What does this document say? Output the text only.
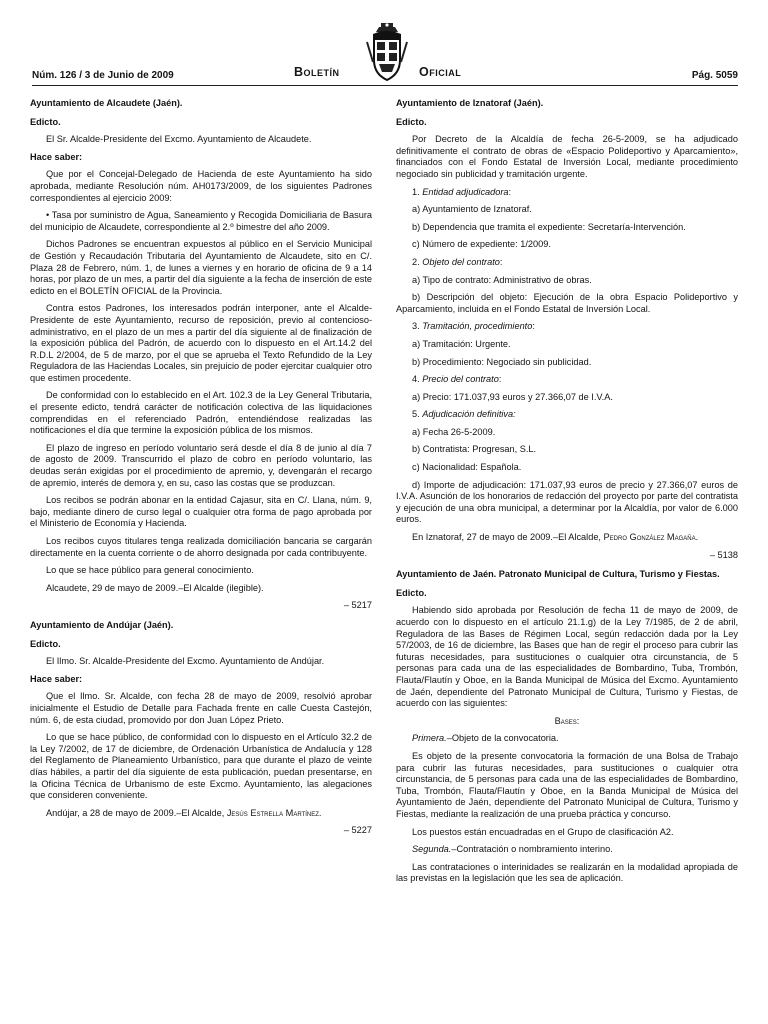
Núm. 126 / 3 de Junio de 2009	Boletín	Oficial	Pág. 5059
Ayuntamiento de Alcaudete (Jaén).
Edicto.

El Sr. Alcalde-Presidente del Excmo. Ayuntamiento de Alcaudete.

Hace saber:

Que por el Concejal-Delegado de Hacienda de este Ayuntamiento ha sido aprobada, mediante Resolución núm. AH0173/2009, de los siguientes Padrones correspondientes al ejercicio 2009:

• Tasa por suministro de Agua, Saneamiento y Recogida Domiciliaria de Basura del municipio de Alcaudete, correspondiente al 2.º bimestre del año 2009.

Dichos Padrones se encuentran expuestos al público en el Servicio Municipal de Gestión y Recaudación Tributaria del Ayuntamiento de Alcaudete, sito en C/. Plaza 28 de Febrero, núm. 1, de lunes a viernes y en horario de oficina de 9 a 14 horas, por plazo de un mes, a partir del día siguiente a la fecha de inserción de este edicto en el BOLETÍN OFICIAL de la Provincia.

Contra estos Padrones, los interesados podrán interponer, ante el Alcalde-Presidente de este Ayuntamiento, recurso de reposición, previo al contencioso-administrativo, en el plazo de un mes a partir del día siguiente al de finalización de la exposición pública del Padrón, de acuerdo con lo dispuesto en el Art.14.2 del R.D.L 2/2004, de 5 de marzo, por el que se aprueba el Texto Refundido de la Ley Reguladora de las Haciendas Locales, sin prejuicio de poder ejercitar cualquier otro que estimen procedente.

De conformidad con lo establecido en el Art. 102.3 de la Ley General Tributaria, el presente edicto, tendrá carácter de notificación colectiva de las liquidaciones comprendidas en el referenciado Padrón, entendiéndose realizadas las notificaciones el día que termine la exposición pública de los mismos.

El plazo de ingreso en período voluntario será desde el día 8 de junio al día 7 de agosto de 2009. Transcurrido el plazo de cobro en período voluntario, las deudas serán exigidas por el procedimiento de apremio, y, devengarán el recargo de apremio, interés de demora y, en su, caso las costas que se produzcan.

Los recibos se podrán abonar en la entidad Cajasur, sita en C/. Llana, núm. 9, bajo, mediante dinero de curso legal o cualquier otra forma de pago aprobada por el Ministerio de Economía y Hacienda.

Los recibos cuyos titulares tenga realizada domiciliación bancaria se cargarán directamente en la cuenta corriente o de ahorro designada por cada contribuyente.

Lo que se hace público para general conocimiento.

Alcaudete, 29 de mayo de 2009.–El Alcalde (ilegible).

– 5217

Ayuntamiento de Andújar (Jaén).
Edicto.

El Ilmo. Sr. Alcalde-Presidente del Excmo. Ayuntamiento de Andújar.

Hace saber:

Que el Ilmo. Sr. Alcalde, con fecha 28 de mayo de 2009, resolvió aprobar inicialmente el Estudio de Detalle para Fachada frente en calle Cuesta Castejón, núm. 6, de esta ciudad, promovido por don Juan López Prieto.

Lo que se hace público, de conformidad con lo dispuesto en el Artículo 32.2 de la Ley 7/2002, de 17 de diciembre, de Ordenación Urbanística de Andalucía y 128 del Reglamento de Planeamiento Urbanístico, para que durante el plazo de veinte días hábiles, a partir del día siguiente de esta publicación, puedan presentarse, en la Oficina Técnica de Urbanismo de este Excmo. Ayuntamiento, las alegaciones que consideren conveniente.

Andújar, a 28 de mayo de 2009.–El Alcalde, Jesús Estrella Martínez.

– 5227

Ayuntamiento de Iznatoraf (Jaén).
Edicto.

Por Decreto de la Alcaldía de fecha 26-5-2009, se ha adjudicado definitivamente el contrato de obras de «Espacio Polideportivo y Aparcamiento», financiados con el Fondo Estatal de Inversión Local, mediante procedimiento negociado sin publicidad y tramitación urgente.

1. Entidad adjudicadora:

a) Ayuntamiento de Iznatoraf.

b) Dependencia que tramita el expediente: Secretaría-Intervención.

c) Número de expediente: 1/2009.

2. Objeto del contrato:

a) Tipo de contrato: Administrativo de obras.

b) Descripción del objeto: Ejecución de la obra Espacio Polideportivo y Aparcamiento, incluida en el Fondo Estatal de Inversión Local.

3. Tramitación, procedimiento:

a) Tramitación: Urgente.

b) Procedimiento: Negociado sin publicidad.

4. Precio del contrato:

a) Precio: 171.037,93 euros y 27.366,07 de I.V.A.

5. Adjudicación definitiva:

a) Fecha 26-5-2009.

b) Contratista: Progresan, S.L.

c) Nacionalidad: Española.

d) Importe de adjudicación: 171.037,93 euros de precio y 27.366,07 euros de I.V.A. Asunción de los honorarios de redacción del proyecto por parte del contratista y ejecución de una obra municipal, a determinar por la Alcaldía, por valor de 6.000 euros.

En Iznatoraf, 27 de mayo de 2009.–El Alcalde, Pedro González Magaña.

– 5138

Ayuntamiento de Jaén. Patronato Municipal de Cultura, Turismo y Fiestas.
Edicto.

Habiendo sido aprobada por Resolución de fecha 11 de mayo de 2009, de acuerdo con lo dispuesto en el artículo 21.1.g) de la Ley 7/1985, de 2 de abril, Reguladora de las Bases de Régimen Local, según redacción dada por la Ley 57/2003, de 16 de diciembre, las Bases que han de regir el proceso para cubrir las futuras necesidades, para sustituciones o cualquier otra circunstancia, de 5 personas para cada una de las especialidades de Bombardino, Tuba, Trombón, Flauta/Flautín y Oboe, en la Banda Municipal de Música del Excmo. Ayuntamiento de Jaén, dependiente del Patronato Municipal de Cultura, Turismo y Fiestas, de acuerdo con las siguientes:

Bases:

Primera.–Objeto de la convocatoria.

Es objeto de la presente convocatoria la formación de una Bolsa de Trabajo para cubrir las futuras necesidades, para sustituciones o cualquier otra circunstancia, de 5 personas para cada una de las especialidades de Bombardino, Tuba, Trombón, Flauta/Flautín y Oboe, en la Banda Municipal de Música del Ayuntamiento de Jaén, dependiente del Patronato Municipal de Cultura, Turismo y Fiestas, mediante la realización de una prueba práctica y concurso.

Los puestos están encuadradas en el Grupo de clasificación A2.

Segunda.–Contratación o nombramiento interino.

Las contrataciones o interinidades se realizarán en la modalidad apropiada de las previstas en la legislación que les sea de aplicación.
